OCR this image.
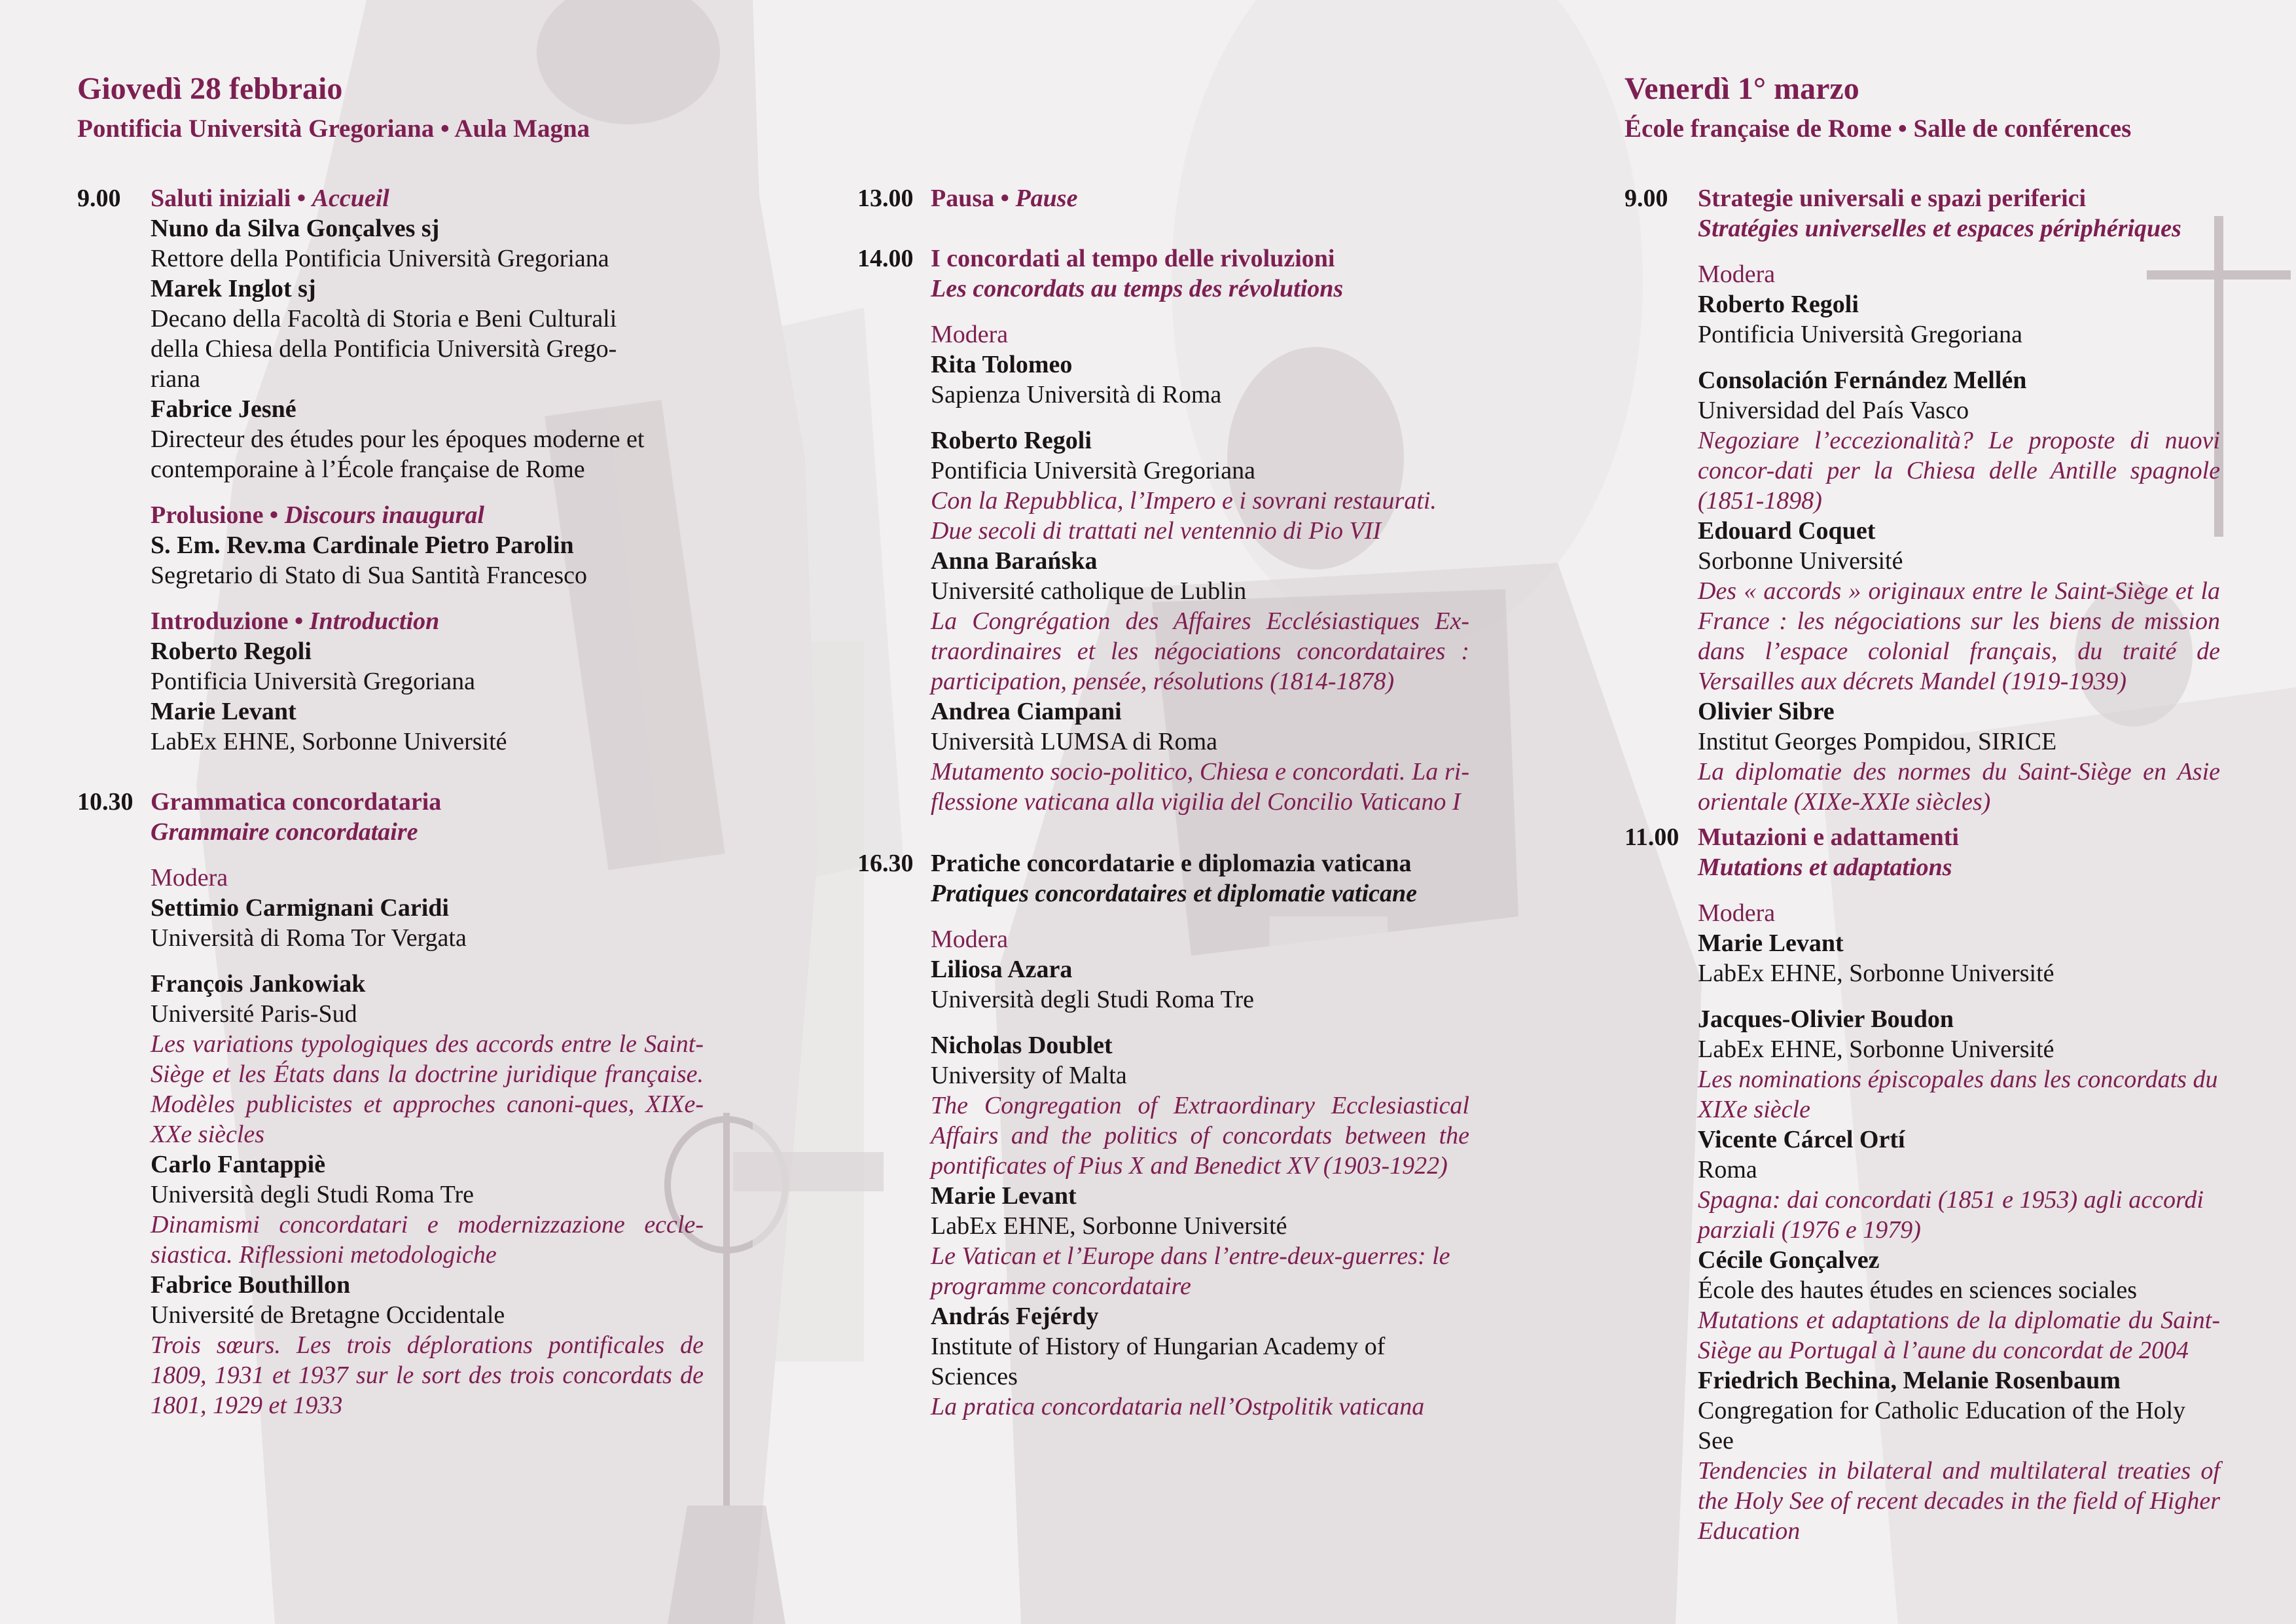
Giovedì 28 febbraio
Pontificia Università Gregoriana • Aula Magna
9.00 Saluti iniziali • Accueil
Nuno da Silva Gonçalves sj
Rettore della Pontificia Università Gregoriana
Marek Inglot sj
Decano della Facoltà di Storia e Beni Culturali della Chiesa della Pontificia Università Grego-riana
Fabrice Jesné
Directeur des études pour les époques moderne et contemporaine à l’École française de Rome
Prolusione • Discours inaugural
S. Em. Rev.ma Cardinale Pietro Parolin
Segretario di Stato di Sua Santità Francesco
Introduzione • Introduction
Roberto Regoli
Pontificia Università Gregoriana
Marie Levant
LabEx EHNE, Sorbonne Université
10.30 Grammatica concordataria
Grammaire concordataire
Modera
Settimio Carmignani Caridi
Università di Roma Tor Vergata
François Jankowiak
Université Paris-Sud
Les variations typologiques des accords entre le Saint-Siège et les États dans la doctrine juridique française. Modèles publicistes et approches canoni-ques, XIXe-XXe siècles
Carlo Fantappiè
Università degli Studi Roma Tre
Dinamismi concordatari e modernizzazione eccle-siastica. Riflessioni metodologiche
Fabrice Bouthillon
Université de Bretagne Occidentale
Trois sœurs. Les trois déplorations pontificales de 1809, 1931 et 1937 sur le sort des trois concordats de 1801, 1929 et 1933
13.00 Pausa • Pause
14.00 I concordati al tempo delle rivoluzioni
Les concordats au temps des révolutions
Modera
Rita Tolomeo
Sapienza Università di Roma
Roberto Regoli
Pontificia Università Gregoriana
Con la Repubblica, l’Impero e i sovrani restaurati. Due secoli di trattati nel ventennio di Pio VII
Anna Barańska
Université catholique de Lublin
La Congrégation des Affaires Ecclésiastiques Ex-traordinaires et les négociations concordataires : participation, pensée, résolutions (1814-1878)
Andrea Ciampani
Università LUMSA di Roma
Mutamento socio-politico, Chiesa e concordati. La ri-flessione vaticana alla vigilia del Concilio Vaticano I
16.30 Pratiche concordatarie e diplomazia vaticana
Pratiques concordataires et diplomatie vaticane
Modera
Liliosa Azara
Università degli Studi Roma Tre
Nicholas Doublet
University of Malta
The Congregation of Extraordinary Ecclesiastical Affairs and the politics of concordats between the pontificates of Pius X and Benedict XV (1903-1922)
Marie Levant
LabEx EHNE, Sorbonne Université
Le Vatican et l’Europe dans l’entre-deux-guerres: le programme concordataire
András Fejérdy
Institute of History of Hungarian Academy of Sciences
La pratica concordataria nell’Ostpolitik vaticana
Venerdì 1° marzo
École française de Rome • Salle de conférences
9.00 Strategie universali e spazi periferici
Stratégies universelles et espaces périphériques
Modera
Roberto Regoli
Pontificia Università Gregoriana
Consolación Fernández Mellén
Universidad del País Vasco
Negoziare l’eccezionalità? Le proposte di nuovi concor-dati per la Chiesa delle Antille spagnole (1851-1898)
Edouard Coquet
Sorbonne Université
Des « accords » originaux entre le Saint-Siège et la France : les négociations sur les biens de mission dans l’espace colonial français, du traité de Versailles aux décrets Mandel (1919-1939)
Olivier Sibre
Institut Georges Pompidou, SIRICE
La diplomatie des normes du Saint-Siège en Asie orientale (XIXe-XXIe siècles)
11.00 Mutazioni e adattamenti
Mutations et adaptations
Modera
Marie Levant
LabEx EHNE, Sorbonne Université
Jacques-Olivier Boudon
LabEx EHNE, Sorbonne Université
Les nominations épiscopales dans les concordats du XIXe siècle
Vicente Cárcel Ortí
Roma
Spagna: dai concordati (1851 e 1953) agli accordi parziali (1976 e 1979)
Cécile Gonçalvez
École des hautes études en sciences sociales
Mutations et adaptations de la diplomatie du Saint-Siège au Portugal à l’aune du concordat de 2004
Friedrich Bechina, Melanie Rosenbaum
Congregation for Catholic Education of the Holy See
Tendencies in bilateral and multilateral treaties of the Holy See of recent decades in the field of Higher Education
